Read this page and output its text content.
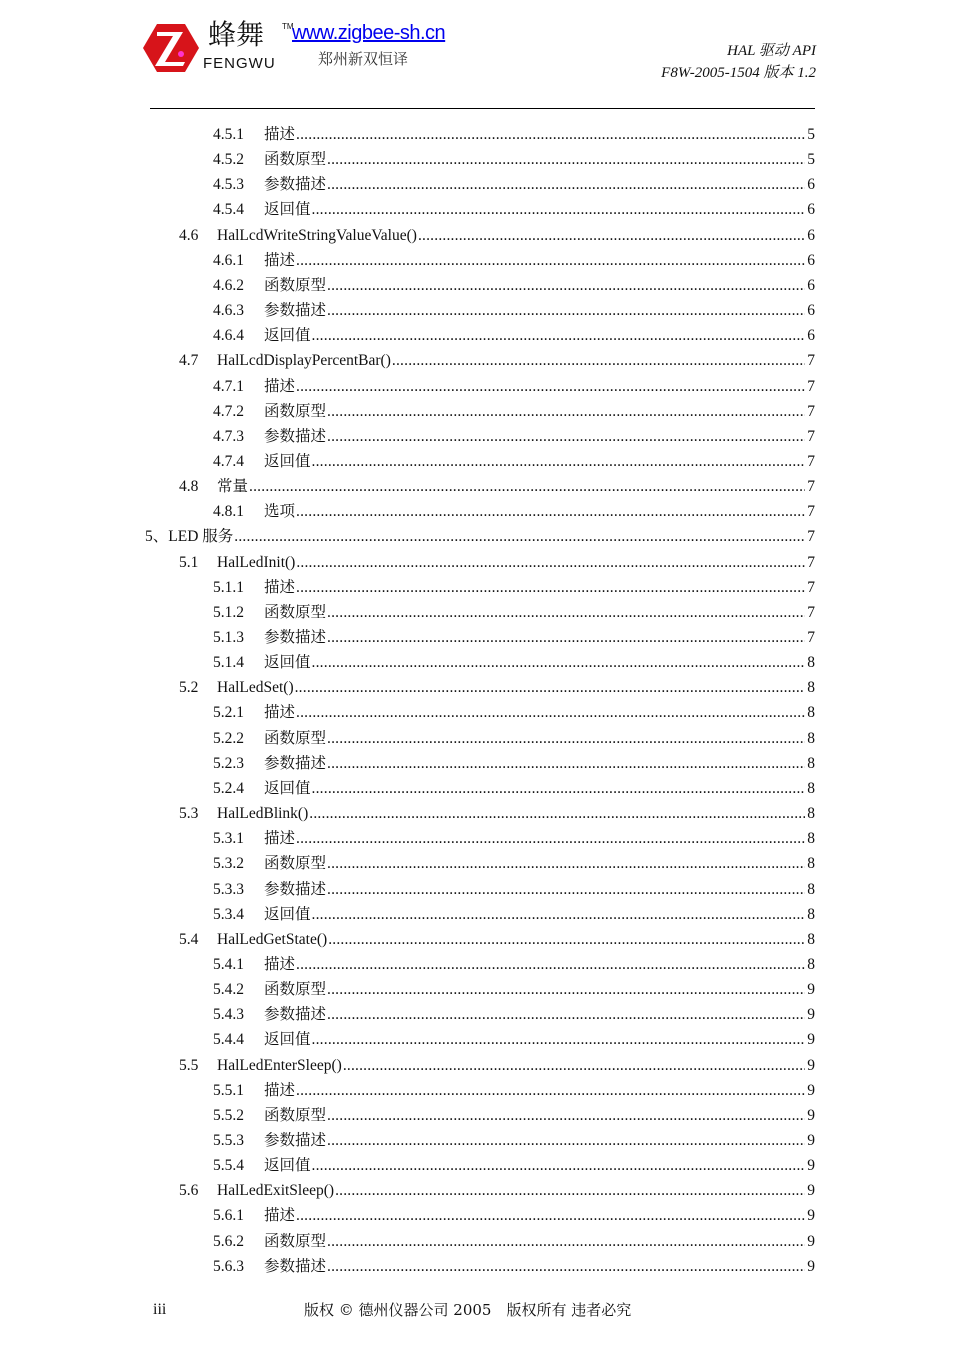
蜂舞 TM
FENGWU
www.zigbee-sh.cn
郑州新双恒译	HAL 驱动 API
F8W-2005-1504 版本 1.2
4.5.1	描述 .....	5
4.5.2	函数原型 .....	5
4.5.3	参数描述 .....	6
4.5.4	返回值 .....	6
4.6	HalLcdWriteStringValueValue() .....	6
4.6.1	描述 .....	6
4.6.2	函数原型 .....	6
4.6.3	参数描述 .....	6
4.6.4	返回值 .....	6
4.7	HalLcdDisplayPercentBar() .....	7
4.7.1	描述 .....	7
4.7.2	函数原型 .....	7
4.7.3	参数描述 .....	7
4.7.4	返回值 .....	7
4.8	常量 .....	7
4.8.1	选项 .....	7
5、 LED 服务 .....	7
5.1	HalLedInit() .....	7
5.1.1	描述 .....	7
5.1.2	函数原型 .....	7
5.1.3	参数描述 .....	7
5.1.4	返回值 .....	8
5.2	HalLedSet() .....	8
5.2.1	描述 .....	8
5.2.2	函数原型 .....	8
5.2.3	参数描述 .....	8
5.2.4	返回值 .....	8
5.3	HalLedBlink() .....	8
5.3.1	描述 .....	8
5.3.2	函数原型 .....	8
5.3.3	参数描述 .....	8
5.3.4	返回值 .....	8
5.4	HalLedGetState() .....	8
5.4.1	描述 .....	8
5.4.2	函数原型 .....	9
5.4.3	参数描述 .....	9
5.4.4	返回值 .....	9
5.5	HalLedEnterSleep() .....	9
5.5.1	描述 .....	9
5.5.2	函数原型 .....	9
5.5.3	参数描述 .....	9
5.5.4	返回值 .....	9
5.6	HalLedExitSleep() .....	9
5.6.1	描述 .....	9
5.6.2	函数原型 .....	9
5.6.3	参数描述 .....	9
iii	版权 © 德州仪器公司 2005　版权所有 违者必究
